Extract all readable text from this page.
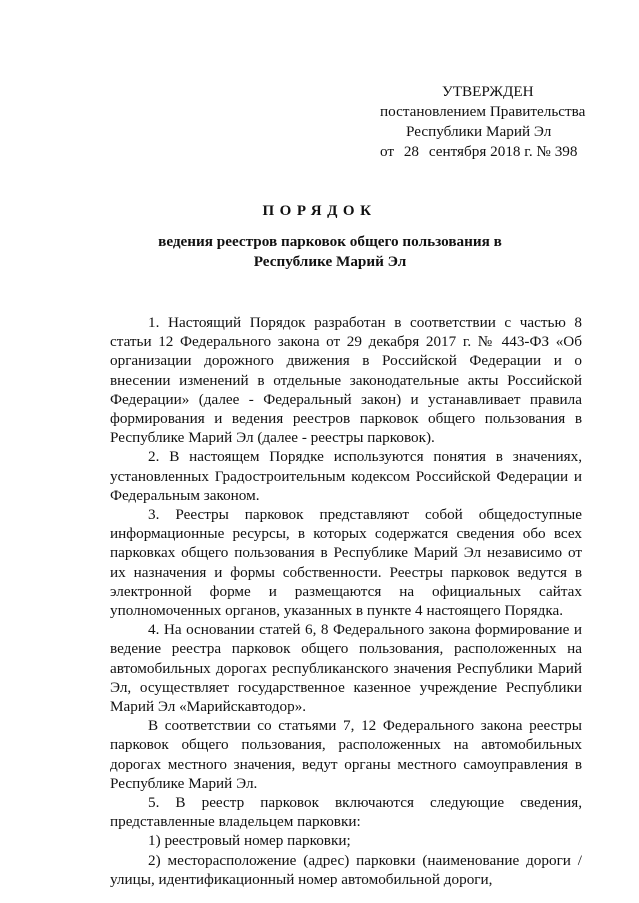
УТВЕРЖДЕН
постановлением Правительства
Республики Марий Эл
от 28 сентября 2018 г. № 398
ПОРЯДОК
ведения реестров парковок общего пользования в Республике Марий Эл

1. Настоящий Порядок разработан в соответствии с частью 8 статьи 12 Федерального закона от 29 декабря 2017 г. № 443-ФЗ «Об организации дорожного движения в Российской Федерации и о внесении изменений в отдельные законодательные акты Российской Федерации» (далее - Федеральный закон) и устанавливает правила формирования и ведения реестров парковок общего пользования в Республике Марий Эл (далее - реестры парковок).

2. В настоящем Порядке используются понятия в значениях, установленных Градостроительным кодексом Российской Федерации и Федеральным законом.

3. Реестры парковок представляют собой общедоступные информационные ресурсы, в которых содержатся сведения обо всех парковках общего пользования в Республике Марий Эл независимо от их назначения и формы собственности. Реестры парковок ведутся в электронной форме и размещаются на официальных сайтах уполномоченных органов, указанных в пункте 4 настоящего Порядка.

4. На основании статей 6, 8 Федерального закона формирование и ведение реестра парковок общего пользования, расположенных на автомобильных дорогах республиканского значения Республики Марий Эл, осуществляет государственное казенное учреждение Республики Марий Эл «Марийскавтодор».

В соответствии со статьями 7, 12 Федерального закона реестры парковок общего пользования, расположенных на автомобильных дорогах местного значения, ведут органы местного самоуправления в Республике Марий Эл.

5. В реестр парковок включаются следующие сведения, представленные владельцем парковки:

1) реестровый номер парковки;

2) месторасположение (адрес) парковки (наименование дороги / улицы, идентификационный номер автомобильной дороги,
